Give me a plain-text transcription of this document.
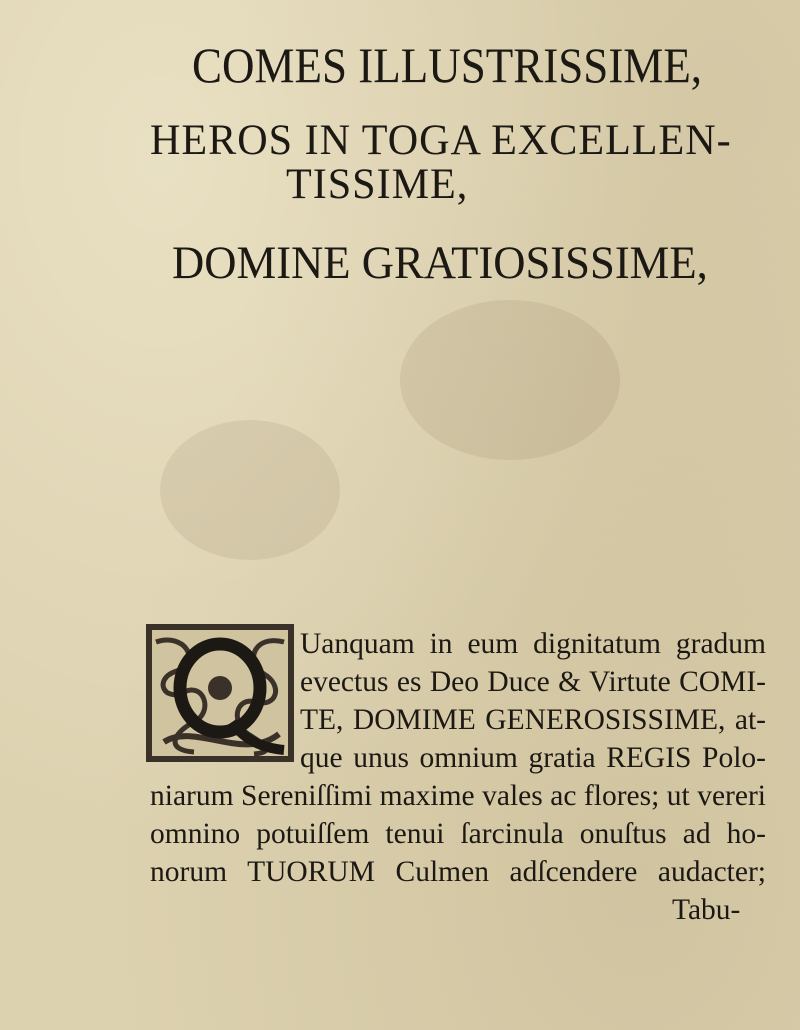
COMES ILLUSTRISSIME,
HEROS IN TOGA EXCELLEN-
TISSIME,
DOMINE GRATIOSISSIME,
Uanquam in eum dignitatum gradum
evectus es Deo Duce & Virtute COMI-
TE, DOMIME GENEROSISSIME, at-
que unus omnium gratia REGIS Polo-
niarum Sereniſſimi maxime vales ac flores; ut vereri
omnino potuiſſem tenui ſarcinula onuſtus ad ho-
norum TUORUM Culmen adſcendere audacter;
Tabu-
